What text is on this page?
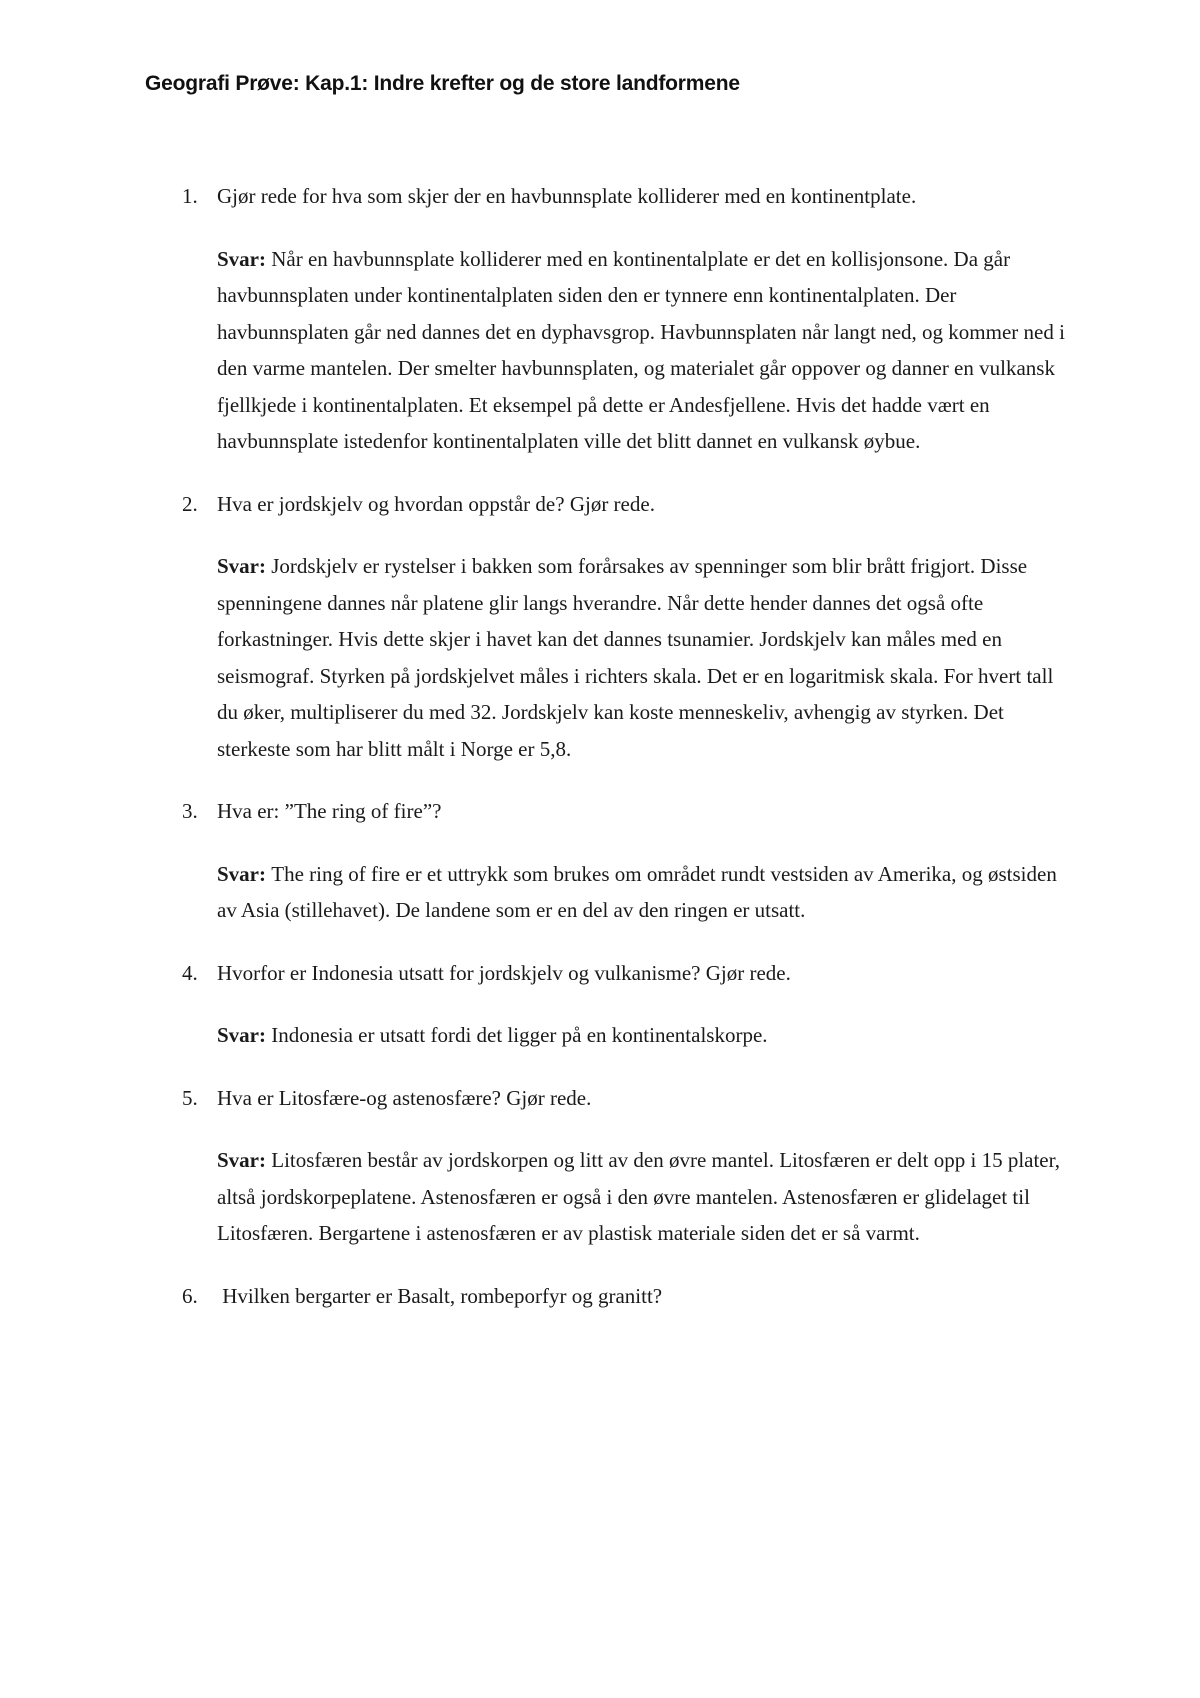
Geografi Prøve: Kap.1: Indre krefter og de store landformene
1. Gjør rede for hva som skjer der en havbunnsplate kolliderer med en kontinentplate.
Svar: Når en havbunnsplate kolliderer med en kontinentalplate er det en kollisjonsone. Da går havbunnsplaten under kontinentalplaten siden den er tynnere enn kontinentalplaten. Der havbunnsplaten går ned dannes det en dyphavsgrop. Havbunnsplaten når langt ned, og kommer ned i den varme mantelen. Der smelter havbunnsplaten, og materialet går oppover og danner en vulkansk fjellkjede i kontinentalplaten. Et eksempel på dette er Andesfjellene. Hvis det hadde vært en havbunnsplate istedenfor kontinentalplaten ville det blitt dannet en vulkansk øybue.
2. Hva er jordskjelv og hvordan oppstår de? Gjør rede.
Svar: Jordskjelv er rystelser i bakken som forårsakes av spenninger som blir brått frigjort. Disse spenningene dannes når platene glir langs hverandre. Når dette hender dannes det også ofte forkastninger. Hvis dette skjer i havet kan det dannes tsunamier. Jordskjelv kan måles med en seismograf. Styrken på jordskjelvet måles i richters skala. Det er en logaritmisk skala. For hvert tall du øker, multipliserer du med 32. Jordskjelv kan koste menneskeliv, avhengig av styrken. Det sterkeste som har blitt målt i Norge er 5,8.
3. Hva er: ”The ring of fire”?
Svar: The ring of fire er et uttrykk som brukes om området rundt vestsiden av Amerika, og østsiden av Asia (stillehavet). De landene som er en del av den ringen er utsatt.
4. Hvorfor er Indonesia utsatt for jordskjelv og vulkanisme? Gjør rede.
Svar: Indonesia er utsatt fordi det ligger på en kontinentalskorpe.
5. Hva er Litosfære-og astenosfære? Gjør rede.
Svar: Litosfæren består av jordskorpen og litt av den øvre mantel. Litosfæren er delt opp i 15 plater, altså jordskorpeplatene. Astenosfæren er også i den øvre mantelen. Astenosfæren er glidelaget til Litosfæren. Bergartene i astenosfæren er av plastisk materiale siden det er så varmt.
6. Hvilken bergarter er Basalt, rombeporfyr og granitt?
